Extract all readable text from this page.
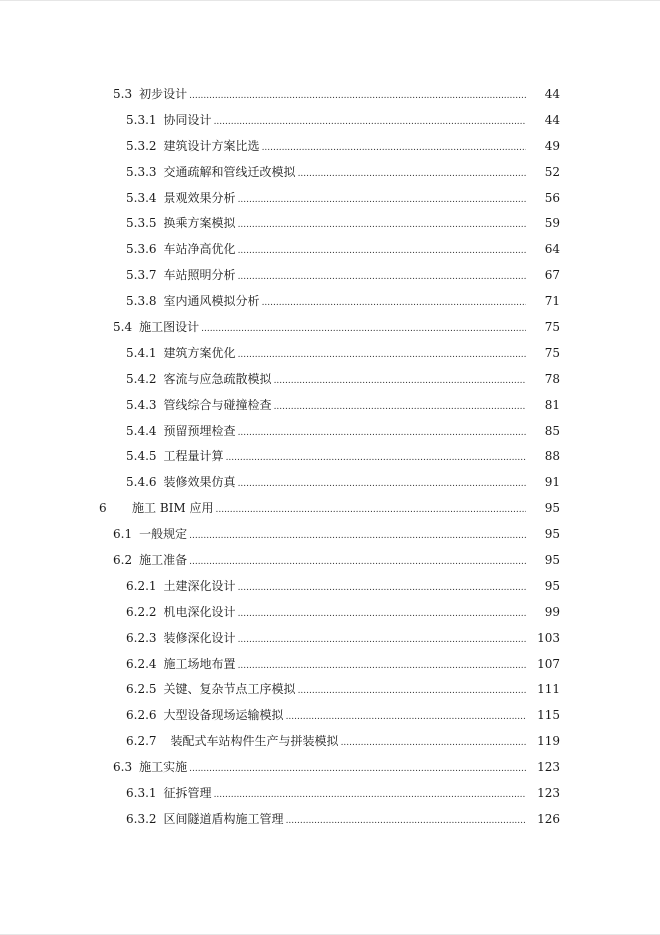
5.3 初步设计 .....	44
5.3.1 协同设计 .....	44
5.3.2 建筑设计方案比选 .....	49
5.3.3 交通疏解和管线迁改模拟 .....	52
5.3.4 景观效果分析 .....	56
5.3.5 换乘方案模拟 .....	59
5.3.6 车站净高优化 .....	64
5.3.7 车站照明分析 .....	67
5.3.8 室内通风模拟分析 .....	71
5.4 施工图设计 .....	75
5.4.1 建筑方案优化 .....	75
5.4.2 客流与应急疏散模拟 .....	78
5.4.3 管线综合与碰撞检查 .....	81
5.4.4 预留预埋检查 .....	85
5.4.5 工程量计算 .....	88
5.4.6 装修效果仿真 .....	91
6	施工 BIM 应用 .....	95
6.1 一般规定 .....	95
6.2 施工准备 .....	95
6.2.1 土建深化设计 .....	95
6.2.2 机电深化设计 .....	99
6.2.3 装修深化设计 .....	103
6.2.4 施工场地布置 .....	107
6.2.5 关键、复杂节点工序模拟 .....	111
6.2.6 大型设备现场运输模拟 .....	115
6.2.7 装配式车站构件生产与拼装模拟 .....	119
6.3 施工实施 .....	123
6.3.1 征拆管理 .....	123
6.3.2 区间隧道盾构施工管理 .....	126
